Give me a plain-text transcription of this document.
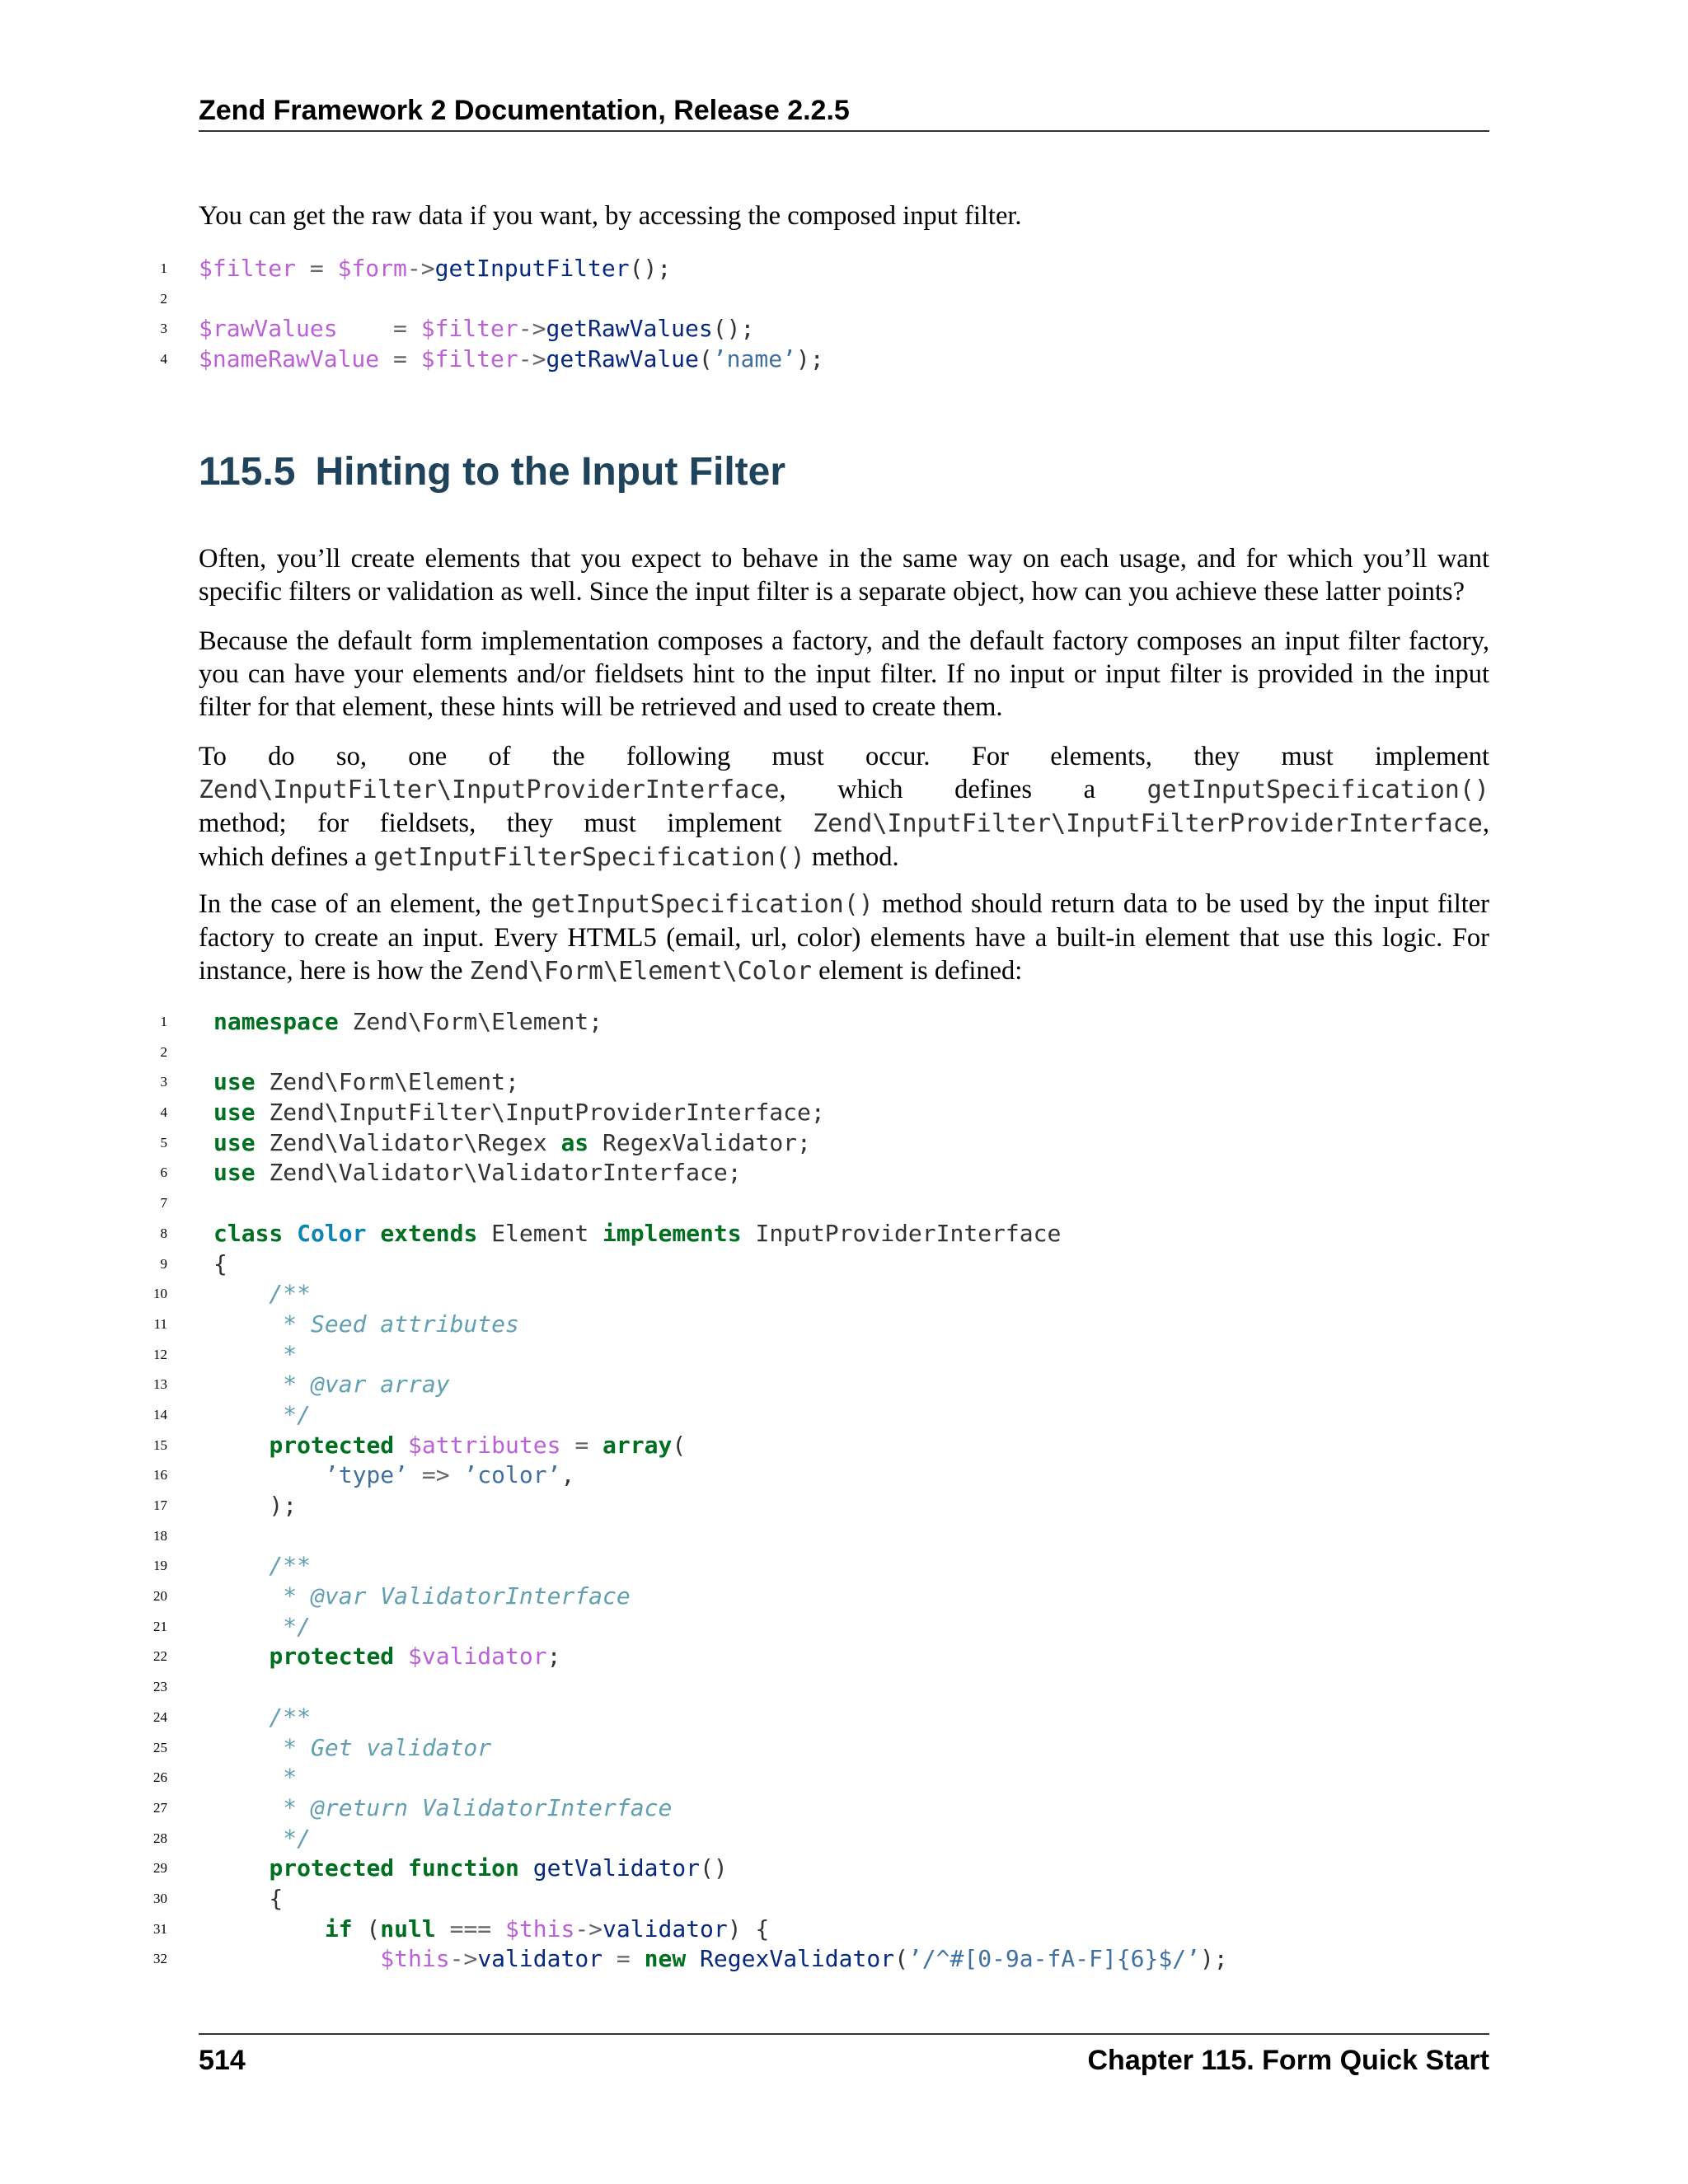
Zend Framework 2 Documentation, Release 2.2.5

You can get the raw data if you want, by accessing the composed input filter.

1 $filter = $form->getInputFilter();
2
3 $rawValues = $filter->getRawValues();
4 $nameRawValue = $filter->getRawValue(’name’);
115.5 Hinting to the Input Filter

Often, you’ll create elements that you expect to behave in the same way on each usage, and for which you’ll want specific filters or validation as well. Since the input filter is a separate object, how can you achieve these latter points?

Because the default form implementation composes a factory, and the default factory composes an input filter factory, you can have your elements and/or fieldsets hint to the input filter. If no input or input filter is provided in the input filter for that element, these hints will be retrieved and used to create them.

To do so, one of the following must occur. For elements, they must implement
Zend\InputFilter\InputProviderInterface, which defines a getInputSpecification()
method; for fieldsets, they must implement Zend\InputFilter\InputFilterProviderInterface,
which defines a getInputFilterSpecification() method.

In the case of an element, the getInputSpecification() method should return data to be used by the input filter factory to create an input. Every HTML5 (email, url, color) elements have a built-in element that use this logic. For instance, here is how the Zend\Form\Element\Color element is defined:

1 namespace Zend\Form\Element;
2
3 use Zend\Form\Element;
4 use Zend\InputFilter\InputProviderInterface;
5 use Zend\Validator\Regex as RegexValidator;
6 use Zend\Validator\ValidatorInterface;
7
8 class Color extends Element implements InputProviderInterface
9 {
10 /**
11 * Seed attributes
12 *
13 * @var array
14 */
15	protected $attributes = array(
16	’type’ => ’color’,
17 );
18
19 /**
20 * @var ValidatorInterface
21 */
22	protected $validator;
23
24 /**
25 * Get validator
26 *
27 * @return ValidatorInterface
28 */
29	protected function getValidator()
30 {
31	if (null === $this->validator) {
32	$this->validator = new RegexValidator(’/^#[0-9a-fA-F]{6}$/’);
514	Chapter 115. Form Quick Start
